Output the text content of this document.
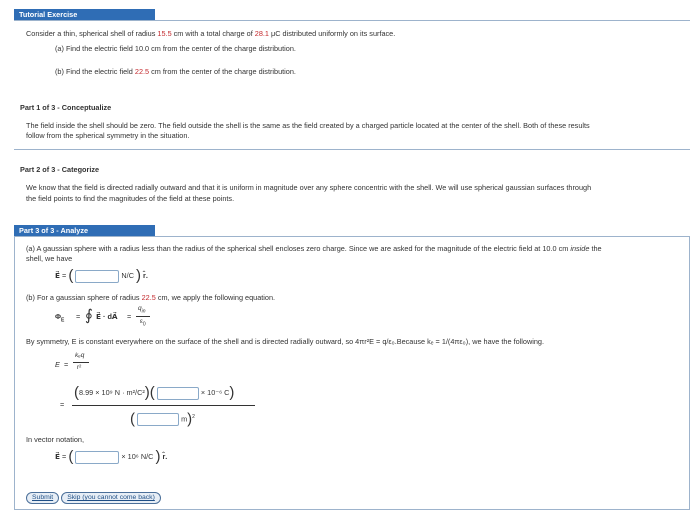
Tutorial Exercise
Consider a thin, spherical shell of radius 15.5 cm with a total charge of 28.1 μC distributed uniformly on its surface.
(a) Find the electric field 10.0 cm from the center of the charge distribution.
(b) Find the electric field 22.5 cm from the center of the charge distribution.
Part 1 of 3 - Conceptualize
The field inside the shell should be zero. The field outside the shell is the same as the field created by a charged particle located at the center of the shell. Both of these results
follow from the spherical symmetry in the situation.
Part 2 of 3 - Categorize
We know that the field is directed radially outward and that it is uniform in magnitude over any sphere concentric with the shell. We will use spherical gaussian surfaces through
the field points to find the magnitudes of the field at these points.
Part 3 of 3 - Analyze
(a) A gaussian sphere with a radius less than the radius of the spherical shell encloses zero charge. Since we are asked for the magnitude of the electric field at 10.0 cm inside the
shell, we have
E⃗ = (	N/C ) r̂.
(b) For a gaussian sphere of radius 22.5 cm, we apply the following equation.
$\Phi_E$ = ∮ E⃗ · dA⃗ =
$q_{in}$
$\varepsilon_0$
By symmetry, E is constant everywhere on the surface of the shell and is directed radially outward, so 4πr²E = q/ε₀.Because kₑ = 1/(4πε₀), we have the following.
E =
kₑq
r²
=
(8.99 × 10⁹ N · m²/C²)(	× 10⁻⁶ C)
(	m)$^2$
In vector notation,
E⃗ = (	× 10⁶ N/C ) r̂.
Submit Skip (you cannot come back)
